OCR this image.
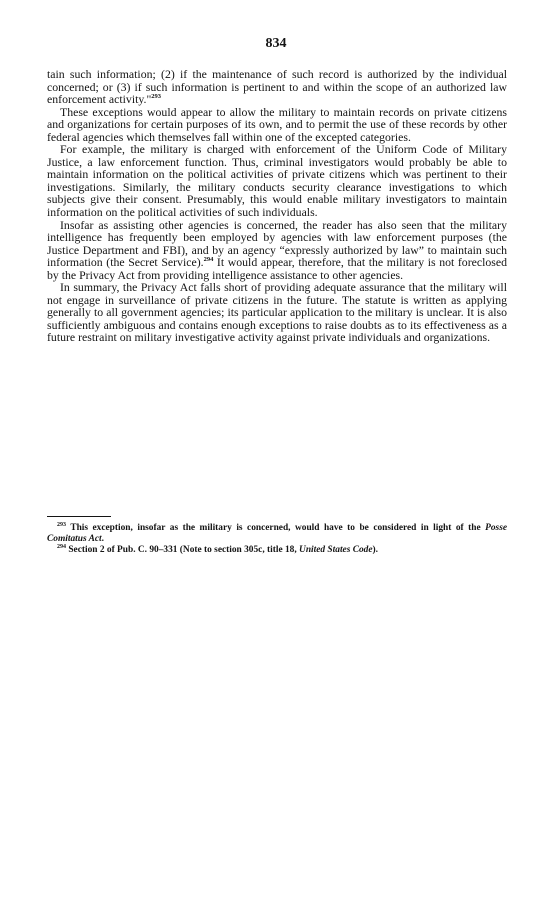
834

tain such information; (2) if the maintenance of such record is authorized by the individual concerned; or (3) if such information is pertinent to and within the scope of an authorized law enforcement activity."$^{293}$

These exceptions would appear to allow the military to maintain records on private citizens and organizations for certain purposes of its own, and to permit the use of these records by other federal agencies which themselves fall within one of the excepted categories.

For example, the military is charged with enforcement of the Uniform Code of Military Justice, a law enforcement function. Thus, criminal investigators would probably be able to maintain information on the political activities of private citizens which was pertinent to their investigations. Similarly, the military conducts security clearance investigations to which subjects give their consent. Presumably, this would enable military investigators to maintain information on the political activities of such individuals.

Insofar as assisting other agencies is concerned, the reader has also seen that the military intelligence has frequently been employed by agencies with law enforcement purposes (the Justice Department and FBI), and by an agency “expressly authorized by law” to maintain such information (the Secret Service).$^{294}$ It would appear, therefore, that the military is not foreclosed by the Privacy Act from providing intelligence assistance to other agencies.

In summary, the Privacy Act falls short of providing adequate assurance that the military will not engage in surveillance of private citizens in the future. The statute is written as applying generally to all government agencies; its particular application to the military is unclear. It is also sufficiently ambiguous and contains enough exceptions to raise doubts as to its effectiveness as a future restraint on military investigative activity against private individuals and organizations.

$^{293}$ This exception, insofar as the military is concerned, would have to be considered in light of the Posse Comitatus Act.

$^{294}$ Section 2 of Pub. C. 90–331 (Note to section 305c, title 18, United States Code).
